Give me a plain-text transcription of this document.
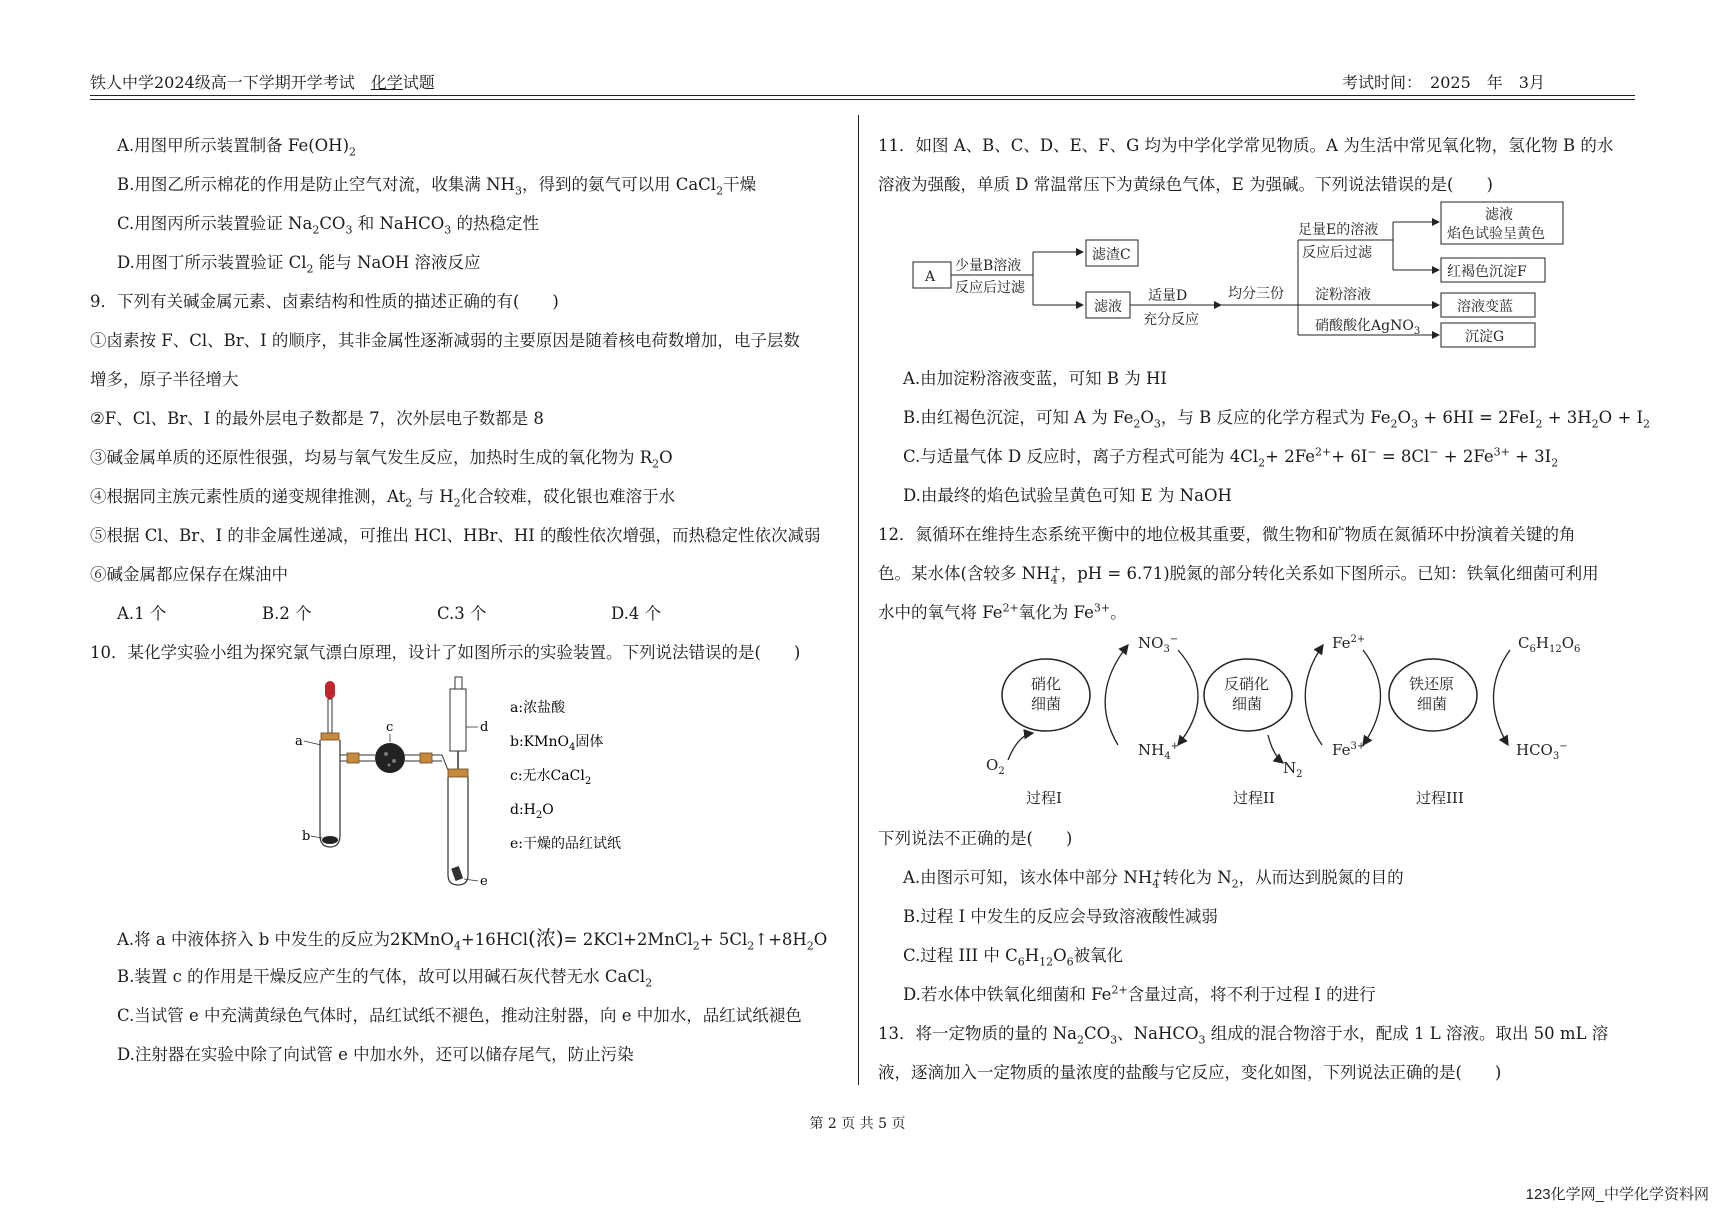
铁人中学2024级高一下学期开学考试　 化学试题	考试时间：　 2025　 年　 3月
A.用图甲所示装置制备 $Fe(OH)_2$
B.用图乙所示棉花的作用是防止空气对流，收集满 $NH_3$，得到的氨气可以用 CaCl$_2$干燥
C.用图丙所示装置验证 $Na_2CO_3$ 和 NaHCO$_3$ 的热稳定性
D.用图丁所示装置验证 $Cl_2$ 能与 NaOH 溶液反应
9．下列有关碱金属元素、卤素结构和性质的描述正确的有(　　)
①卤素按 F、Cl、Br、I 的顺序，其非金属性逐渐减弱的主要原因是随着核电荷数增加，电子层数
增多，原子半径增大
②F、Cl、Br、I 的最外层电子数都是 7，次外层电子数都是 8
③碱金属单质的还原性很强，均易与氧气发生反应，加热时生成的氧化物为 $R_2O$
④根据同主族元素性质的递变规律推测，$At_2$ 与 $H_2$化合较难，砹化银也难溶于水
⑤根据 Cl、Br、I 的非金属性递减，可推出 HCl、HBr、HI 的酸性依次增强，而热稳定性依次减弱
⑥碱金属都应保存在煤油中
A.1 个	B.2 个	C.3 个	D.4 个
10．某化学实验小组为探究氯气漂白原理，设计了如图所示的实验装置。下列说法错误的是(　　)
a
b
c	d
e
a:浓盐酸
b:KMnO$_4$固体
c:无水CaCl$_2$
$d:H_2O$
e:干燥的品红试纸
A.将 a 中液体挤入 b 中发生的反应为2KMnO$_4$+16HCl(浓)= 2KCl+2MnCl$_2$+ $5Cl_2↑+8H_2O$
B.装置 c 的作用是干燥反应产生的气体，故可以用碱石灰代替无水 CaCl$_2$
C.当试管 e 中充满黄绿色气体时，品红试纸不褪色，推动注射器，向 e 中加水，品红试纸褪色
D.注射器在实验中除了向试管 e 中加水外，还可以储存尾气，防止污染
11．如图 A、B、C、D、E、F、G 均为中学化学常见物质。A 为生活中常见氧化物，氢化物 B 的水
溶液为强酸，单质 D 常温常压下为黄绿色气体，E 为强碱。下列说法错误的是(　　)
A
少量B溶液
反应后过滤
滤渣C
滤液
适量D
充分反应
均分三份
足量E的溶液
反应后过滤
淀粉溶液
硝酸酸化AgNO$_3$
滤液
焰色试验呈黄色
红褐色沉淀F
溶液变蓝
沉淀G
A.由加淀粉溶液变蓝，可知 B 为 HI
B.由红褐色沉淀，可知 A 为 $Fe_2O_3$，与 B 反应的化学方程式为 $Fe_2O_3 + 6HI = 2FeI_2 + 3H_2O + I_2$
C.与适量气体 D 反应时，离子方程式可能为 $4Cl_2+ 2Fe^{2+}+ 6I^- = 8Cl^- + 2Fe^{3+} + 3I_2$
D.由最终的焰色试验呈黄色可知 E 为 NaOH
12．氮循环在维持生态系统平衡中的地位极其重要，微生物和矿物质在氮循环中扮演着关键的角
色。某水体(含较多 $NH_4^+$，pH = 6.71)脱氮的部分转化关系如下图所示。已知：铁氧化细菌可利用
水中的氧气将 $Fe^{2+}$氧化为 $Fe^{3+}$。
硝化
细菌
反硝化
细菌
铁还原
细菌
$NO_3^-$
$NH_4^+$
$O_2$	$N_2$
$Fe^{2+}$
$Fe^{3+}$
$C_6H_{12}O_6$
$HCO_3^-$
过程I	过程II	过程III
下列说法不正确的是(　　)
A.由图示可知，该水体中部分 $NH_4^+$转化为 $N_2$，从而达到脱氮的目的
B.过程 I 中发生的反应会导致溶液酸性减弱
C.过程 III 中 $C_6H_{12}O_6$被氧化
D.若水体中铁氧化细菌和 $Fe^{2+}$含量过高，将不利于过程 I 的进行
13．将一定物质的量的 $Na_2CO_3$、NaHCO$_3$ 组成的混合物溶于水，配成 1 L 溶液。取出 50 mL 溶
液，逐滴加入一定物质的量浓度的盐酸与它反应，变化如图，下列说法正确的是(　　)
第 2 页 共 5 页
123化学网_中学化学资料网
